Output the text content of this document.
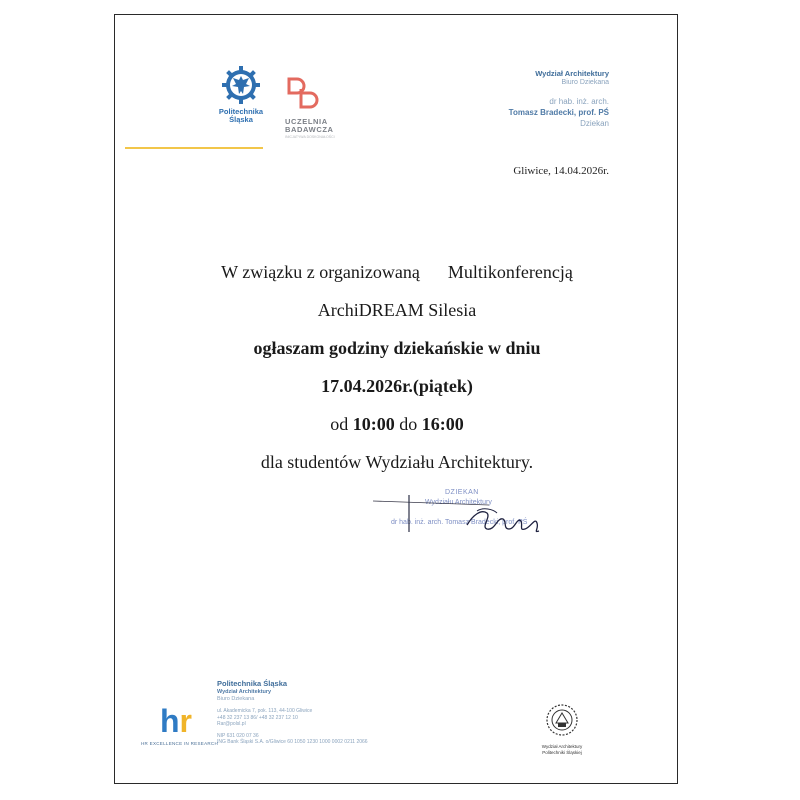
Politechnika
Śląska	UCZELNIA
BADAWCZA
INICJATYWA DOSKONAŁOŚCI
Wydział Architektury
Biuro Dziekana
dr hab. inż. arch.
Tomasz Bradecki, prof. PŚ
Dziekan
Gliwice, 14.04.2026r.
W związku z organizowaną Multikonferencją
ArchiDREAM Silesia
ogłaszam godziny dziekańskie w dniu
17.04.2026r.(piątek)
od 10:00 do 16:00
dla studentów Wydziału Architektury.
DZIEKAN
Wydziału Architektury
dr hab. inż. arch. Tomasz Bradecki, prof. PŚ
hr
HR EXCELLENCE IN RESEARCH
Politechnika Śląska
Wydział Architektury
Biuro Dziekana
ul. Akademicka 7, pok. 113, 44-100 Gliwice
+48 32 237 13 86/ +48 32 237 12 10
Rar@polsl.pl
NIP 631 020 07 36
ING Bank Śląski S.A. o/Gliwice 60 1050 1230 1000 0002 0211 2066
Wydział Architektury
Politechniki Śląskiej
